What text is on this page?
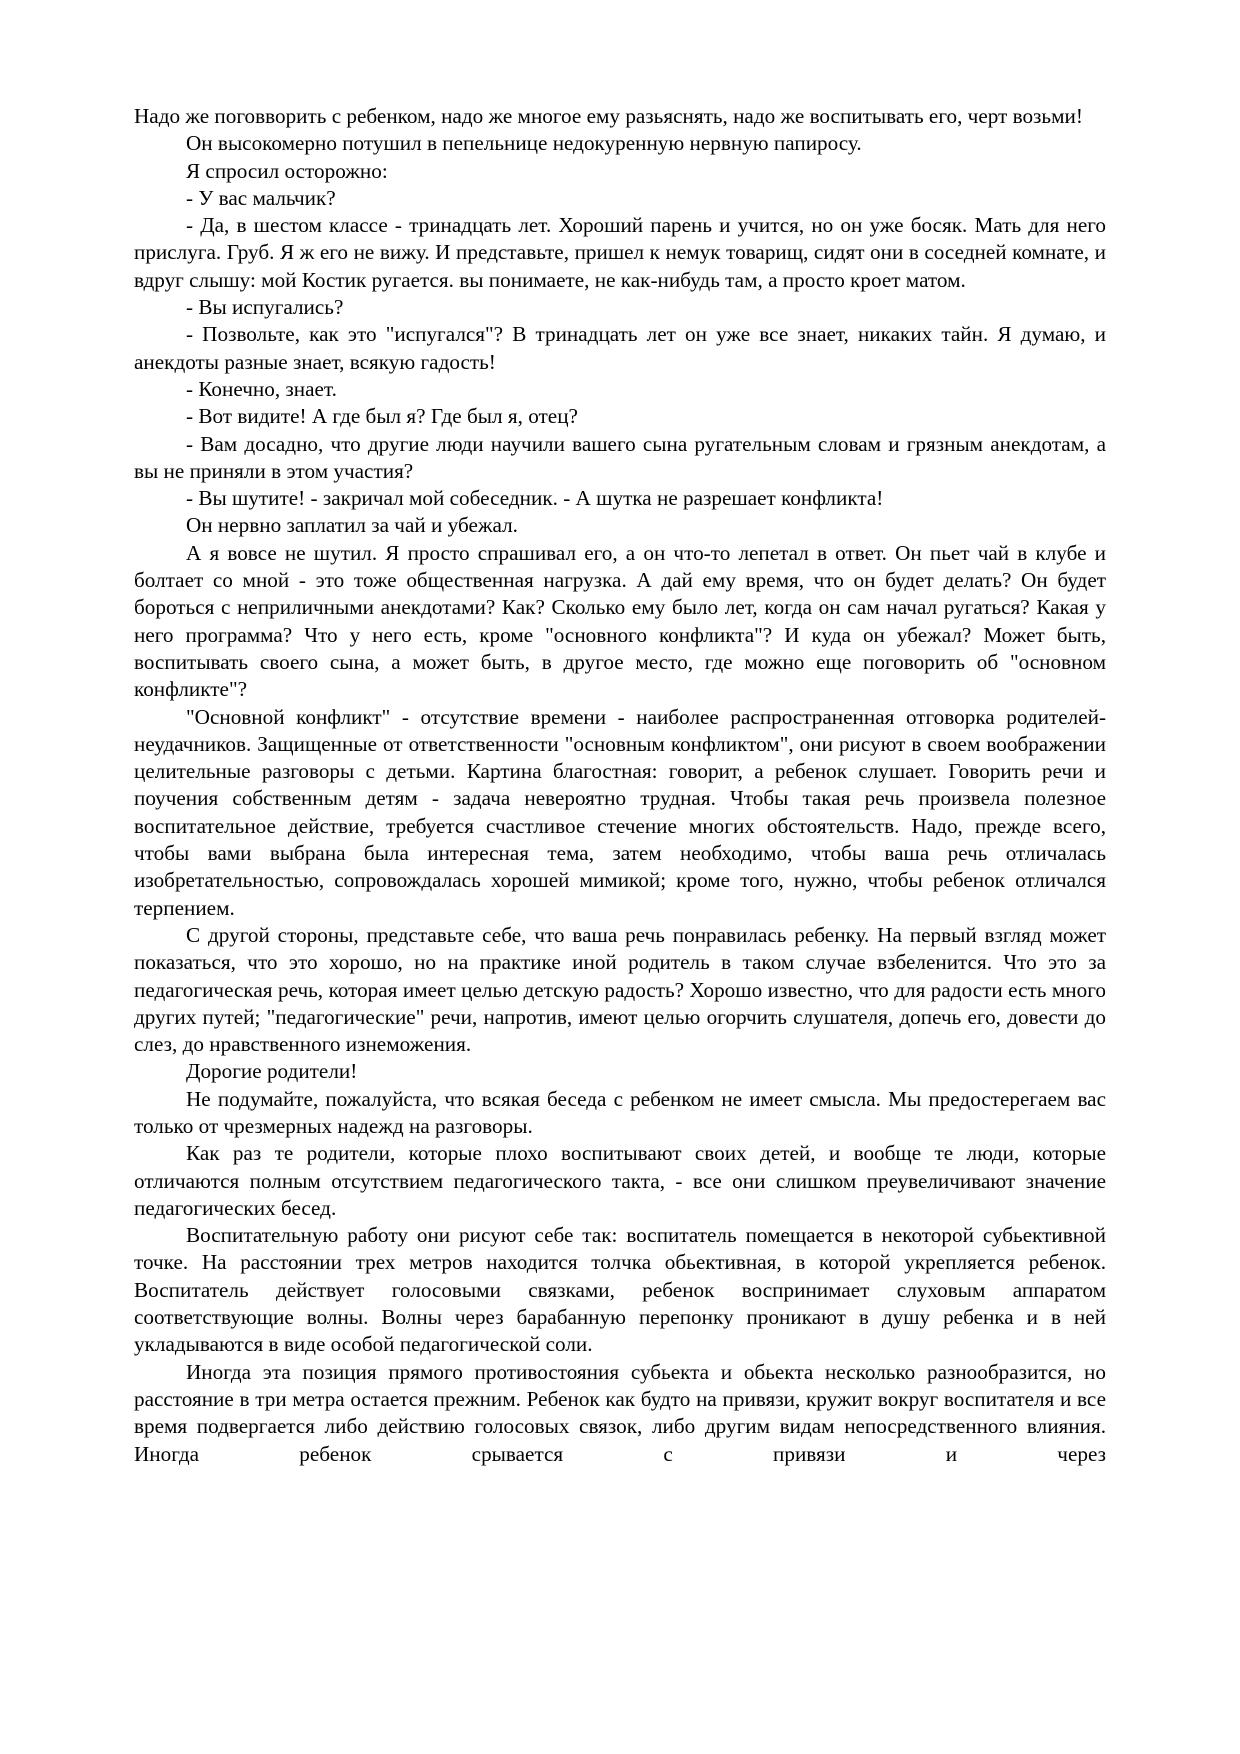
Надо же поговворить с ребенком, надо же многое ему разьяснять, надо же воспитывать его, черт возьми!

Он высокомерно потушил в пепельнице недокуренную нервную папиросу.

Я спросил осторожно:

- У вас мальчик?

- Да, в шестом классе - тринадцать лет. Хороший парень и учится, но он уже босяк. Мать для него прислуга. Груб. Я ж его не вижу. И представьте, пришел к немук товарищ, сидят они в соседней комнате, и вдруг слышу: мой Костик ругается. вы понимаете, не как-нибудь там, а просто кроет матом.

- Вы испугались?

- Позвольте, как это "испугался"? В тринадцать лет он уже все знает, никаких тайн. Я думаю, и анекдоты разные знает, всякую гадость!

- Конечно, знает.

- Вот видите! А где был я? Где был я, отец?

- Вам досадно, что другие люди научили вашего сына ругательным словам и грязным анекдотам, а вы не приняли в этом участия?

- Вы шутите! - закричал мой собеседник. - А шутка не разрешает конфликта!

Он нервно заплатил за чай и убежал.

А я вовсе не шутил. Я просто спрашивал его, а он что-то лепетал в ответ. Он пьет чай в клубе и болтает со мной - это тоже общественная нагрузка. А дай ему время, что он будет делать? Он будет бороться с неприличными анекдотами? Как? Сколько ему было лет, когда он сам начал ругаться? Какая у него программа? Что у него есть, кроме "основного конфликта"? И куда он убежал? Может быть, воспитывать своего сына, а может быть, в другое место, где можно еще поговорить об "основном конфликте"?

"Основной конфликт" - отсутствие времени - наиболее распространенная отговорка родителей-неудачников. Защищенные от ответственности "основным конфликтом", они рисуют в своем воображении целительные разговоры с детьми. Картина благостная: говорит, а ребенок слушает. Говорить речи и поучения собственным детям - задача невероятно трудная. Чтобы такая речь произвела полезное воспитательное действие, требуется счастливое стечение многих обстоятельств. Надо, прежде всего, чтобы вами выбрана была интересная тема, затем необходимо, чтобы ваша речь отличалась изобретательностью, сопровождалась хорошей мимикой; кроме того, нужно, чтобы ребенок отличался терпением.

С другой стороны, представьте себе, что ваша речь понравилась ребенку. На первый взгляд может показаться, что это хорошо, но на практике иной родитель в таком случае взбеленится. Что это за педагогическая речь, которая имеет целью детскую радость? Хорошо известно, что для радости есть много других путей; "педагогические" речи, напротив, имеют целью огорчить слушателя, допечь его, довести до слез, до нравственного изнеможения.

Дорогие родители!

Не подумайте, пожалуйста, что всякая беседа с ребенком не имеет смысла. Мы предостерегаем вас только от чрезмерных надежд на разговоры.

Как раз те родители, которые плохо воспитывают своих детей, и вообще те люди, которые отличаются полным отсутствием педагогического такта, - все они слишком преувеличивают значение педагогических бесед.

Воспитательную работу они рисуют себе так: воспитатель помещается в некоторой субьективной точке. На расстоянии трех метров находится толчка обьективная, в которой укрепляется ребенок. Воспитатель действует голосовыми связками, ребенок воспринимает слуховым аппаратом соответствующие волны. Волны через барабанную перепонку проникают в душу ребенка и в ней укладываются в виде особой педагогической соли.

Иногда эта позиция прямого противостояния субьекта и обьекта несколько разнообразится, но расстояние в три метра остается прежним. Ребенок как будто на привязи, кружит вокруг воспитателя и все время подвергается либо действию голосовых связок, либо другим видам непосредственного влияния. Иногда ребенок срывается с привязи и через
